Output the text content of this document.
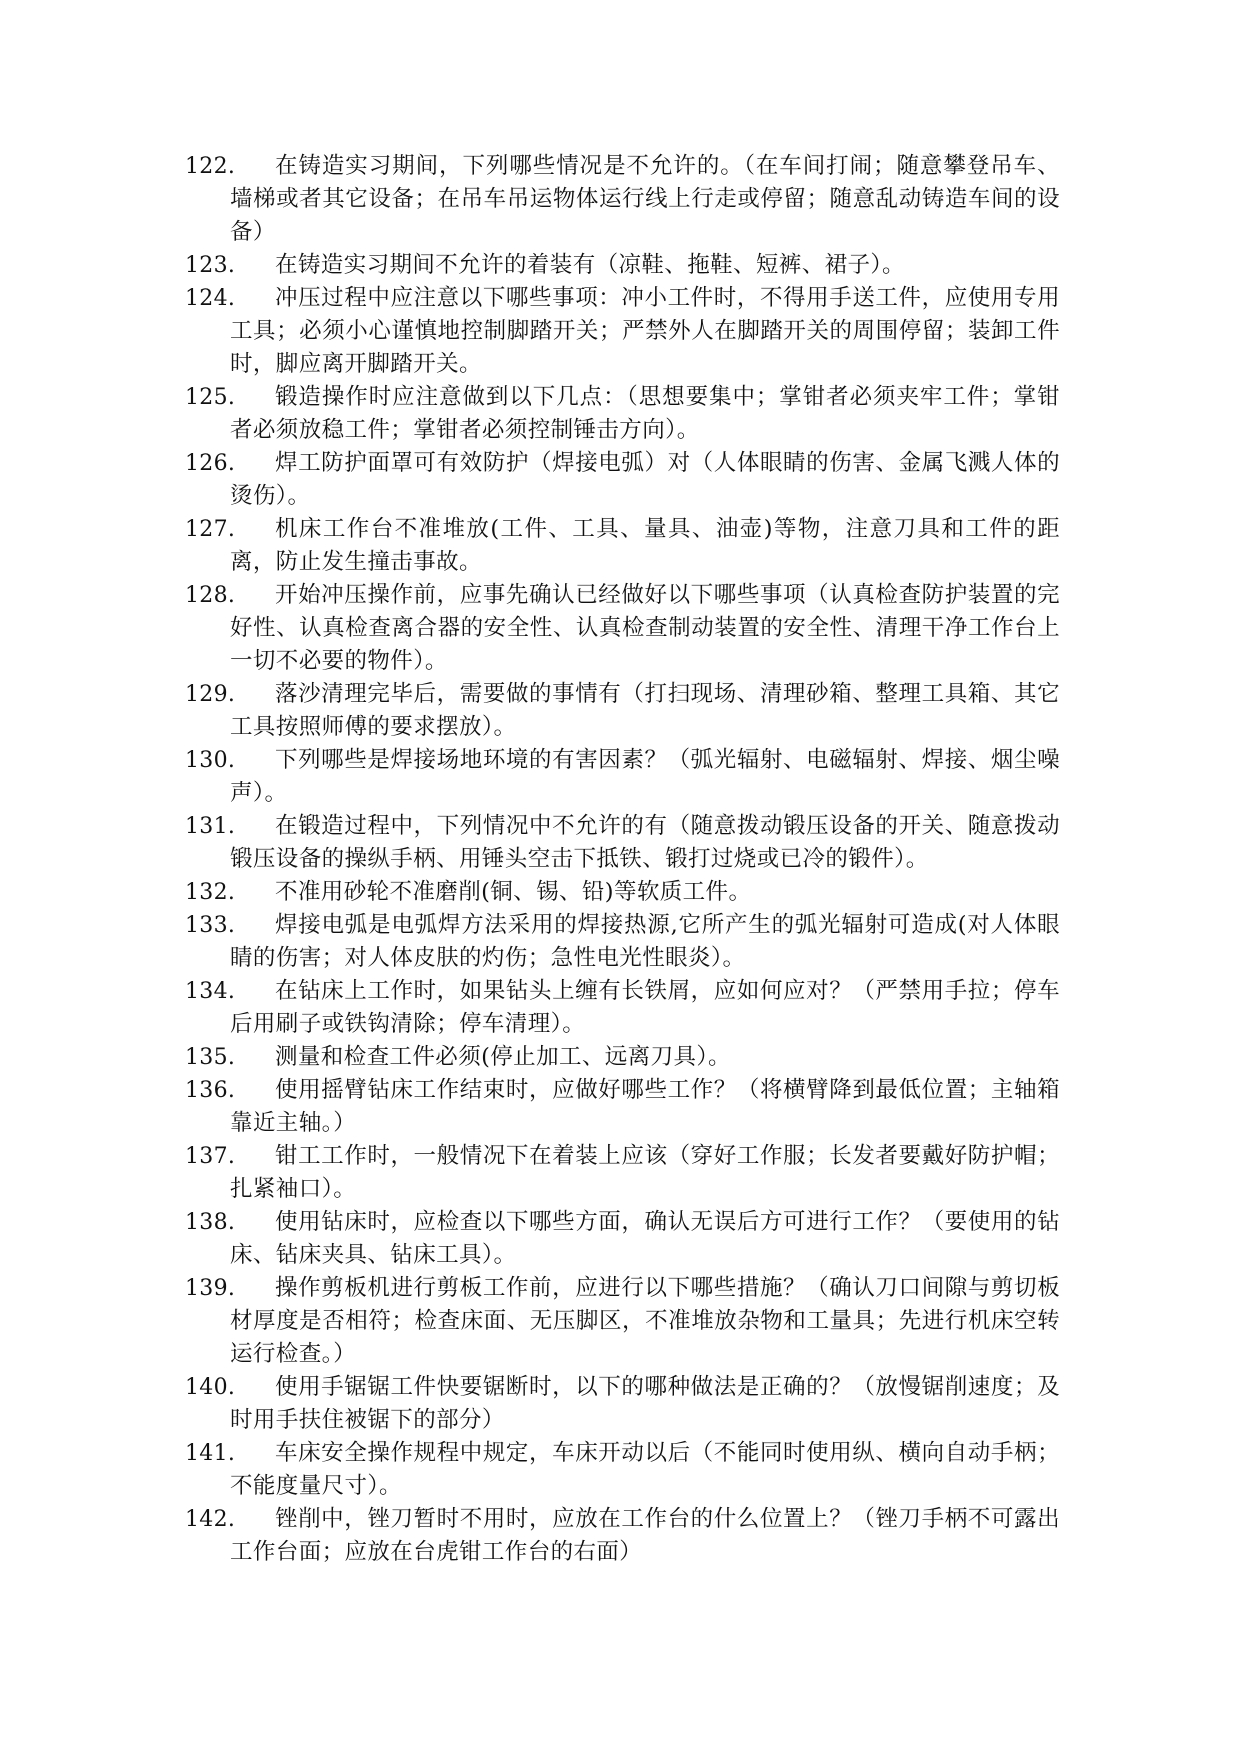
122.	在铸造实习期间，下列哪些情况是不允许的。（在车间打闹；随意攀登吊车、墙梯或者其它设备；在吊车吊运物体运行线上行走或停留；随意乱动铸造车间的设备）
123.	在铸造实习期间不允许的着装有（凉鞋、拖鞋、短裤、裙子）。
124.	冲压过程中应注意以下哪些事项：冲小工件时，不得用手送工件，应使用专用工具；必须小心谨慎地控制脚踏开关；严禁外人在脚踏开关的周围停留；装卸工件时，脚应离开脚踏开关。
125.	锻造操作时应注意做到以下几点：（思想要集中；掌钳者必须夹牢工件；掌钳者必须放稳工件；掌钳者必须控制锤击方向）。
126.	焊工防护面罩可有效防护（焊接电弧）对（人体眼睛的伤害、金属飞溅人体的烫伤）。
127.	机床工作台不准堆放(工件、工具、量具、油壶)等物，注意刀具和工件的距离，防止发生撞击事故。
128.	开始冲压操作前，应事先确认已经做好以下哪些事项（认真检查防护装置的完好性、认真检查离合器的安全性、认真检查制动装置的安全性、清理干净工作台上一切不必要的物件）。
129.	落沙清理完毕后，需要做的事情有（打扫现场、清理砂箱、整理工具箱、其它工具按照师傅的要求摆放）。
130.	下列哪些是焊接场地环境的有害因素？（弧光辐射、电磁辐射、焊接、烟尘噪声）。
131.	在锻造过程中，下列情况中不允许的有（随意拨动锻压设备的开关、随意拨动锻压设备的操纵手柄、用锤头空击下抵铁、锻打过烧或已冷的锻件）。
132.	不准用砂轮不准磨削(铜、锡、铅)等软质工件。
133.	焊接电弧是电弧焊方法采用的焊接热源,它所产生的弧光辐射可造成(对人体眼睛的伤害；对人体皮肤的灼伤；急性电光性眼炎）。
134.	在钻床上工作时，如果钻头上缠有长铁屑，应如何应对？（严禁用手拉；停车后用刷子或铁钩清除；停车清理）。
135.	测量和检查工件必须(停止加工、远离刀具）。
136.	使用摇臂钻床工作结束时，应做好哪些工作？（将横臂降到最低位置；主轴箱靠近主轴。）
137.	钳工工作时，一般情况下在着装上应该（穿好工作服；长发者要戴好防护帽；扎紧袖口）。
138.	使用钻床时，应检查以下哪些方面，确认无误后方可进行工作？（要使用的钻床、钻床夹具、钻床工具）。
139.	操作剪板机进行剪板工作前，应进行以下哪些措施？（确认刀口间隙与剪切板材厚度是否相符；检查床面、无压脚区，不准堆放杂物和工量具；先进行机床空转运行检查。）
140.	使用手锯锯工件快要锯断时，以下的哪种做法是正确的？（放慢锯削速度；及时用手扶住被锯下的部分）
141.	车床安全操作规程中规定，车床开动以后（不能同时使用纵、横向自动手柄；不能度量尺寸）。
142.	锉削中，锉刀暂时不用时，应放在工作台的什么位置上？（锉刀手柄不可露出工作台面；应放在台虎钳工作台的右面）
